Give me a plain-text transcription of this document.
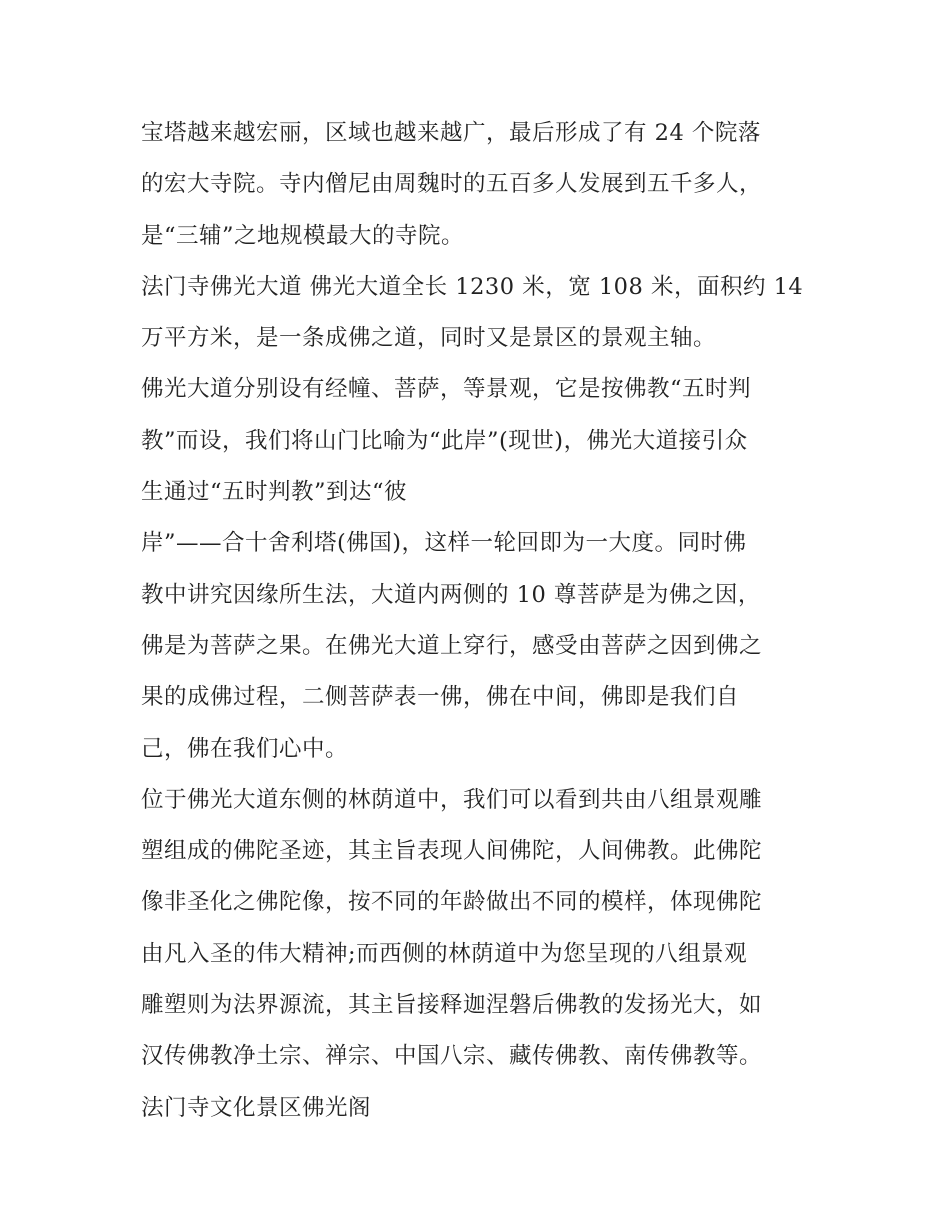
宝塔越来越宏丽，区域也越来越广，最后形成了有 24 个院落
的宏大寺院。寺内僧尼由周魏时的五百多人发展到五千多人，
是“三辅”之地规模最大的寺院。
法门寺佛光大道 佛光大道全长 1230 米，宽 108 米，面积约 14
万平方米，是一条成佛之道，同时又是景区的景观主轴。
佛光大道分别设有经幢、菩萨，等景观，它是按佛教“五时判
教”而设，我们将山门比喻为“此岸”(现世)，佛光大道接引众
生通过“五时判教”到达“彼
岸”——合十舍利塔(佛国)，这样一轮回即为一大度。同时佛
教中讲究因缘所生法，大道内两侧的 10 尊菩萨是为佛之因，
佛是为菩萨之果。在佛光大道上穿行，感受由菩萨之因到佛之
果的成佛过程，二侧菩萨表一佛，佛在中间，佛即是我们自
己，佛在我们心中。
位于佛光大道东侧的林荫道中，我们可以看到共由八组景观雕
塑组成的佛陀圣迹，其主旨表现人间佛陀，人间佛教。此佛陀
像非圣化之佛陀像，按不同的年龄做出不同的模样，体现佛陀
由凡入圣的伟大精神;而西侧的林荫道中为您呈现的八组景观
雕塑则为法界源流，其主旨接释迦涅磐后佛教的发扬光大，如
汉传佛教净土宗、禅宗、中国八宗、藏传佛教、南传佛教等。
法门寺文化景区佛光阁
